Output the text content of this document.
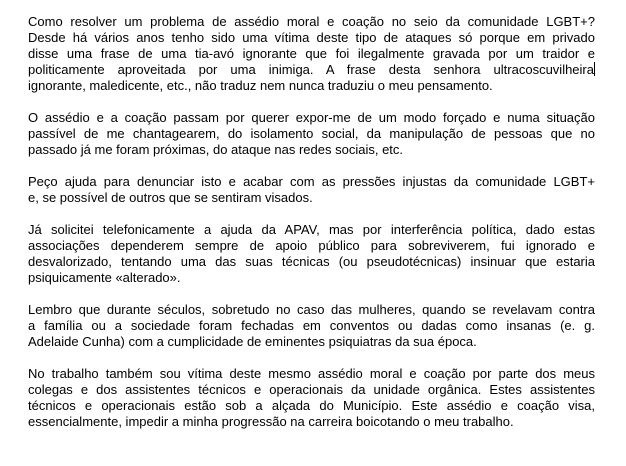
Como resolver um problema de assédio moral e coação no seio da comunidade LGBT+?
Desde há vários anos tenho sido uma vítima deste tipo de ataques só porque em privado
disse uma frase de uma tia-avó ignorante que foi ilegalmente gravada por um traidor e
politicamente aproveitada por uma inimiga. A frase desta senhora ultracoscuvilheira
ignorante, maledicente, etc., não traduz nem nunca traduziu o meu pensamento.

O assédio e a coação passam por querer expor-me de um modo forçado e numa situação
passível de me chantagearem, do isolamento social, da manipulação de pessoas que no
passado já me foram próximas, do ataque nas redes sociais, etc.

Peço ajuda para denunciar isto e acabar com as pressões injustas da comunidade LGBT+
e, se possível de outros que se sentiram visados.

Já solicitei telefonicamente a ajuda da APAV, mas por interferência política, dado estas
associações dependerem sempre de apoio público para sobreviverem, fui ignorado e
desvalorizado, tentando uma das suas técnicas (ou pseudotécnicas) insinuar que estaria
psiquicamente «alterado».

Lembro que durante séculos, sobretudo no caso das mulheres, quando se revelavam contra
a família ou a sociedade foram fechadas em conventos ou dadas como insanas (e. g.
Adelaide Cunha) com a cumplicidade de eminentes psiquiatras da sua época.

No trabalho também sou vítima deste mesmo assédio moral e coação por parte dos meus
colegas e dos assistentes técnicos e operacionais da unidade orgânica. Estes assistentes
técnicos e operacionais estão sob a alçada do Município. Este assédio e coação visa,
essencialmente, impedir a minha progressão na carreira boicotando o meu trabalho.
